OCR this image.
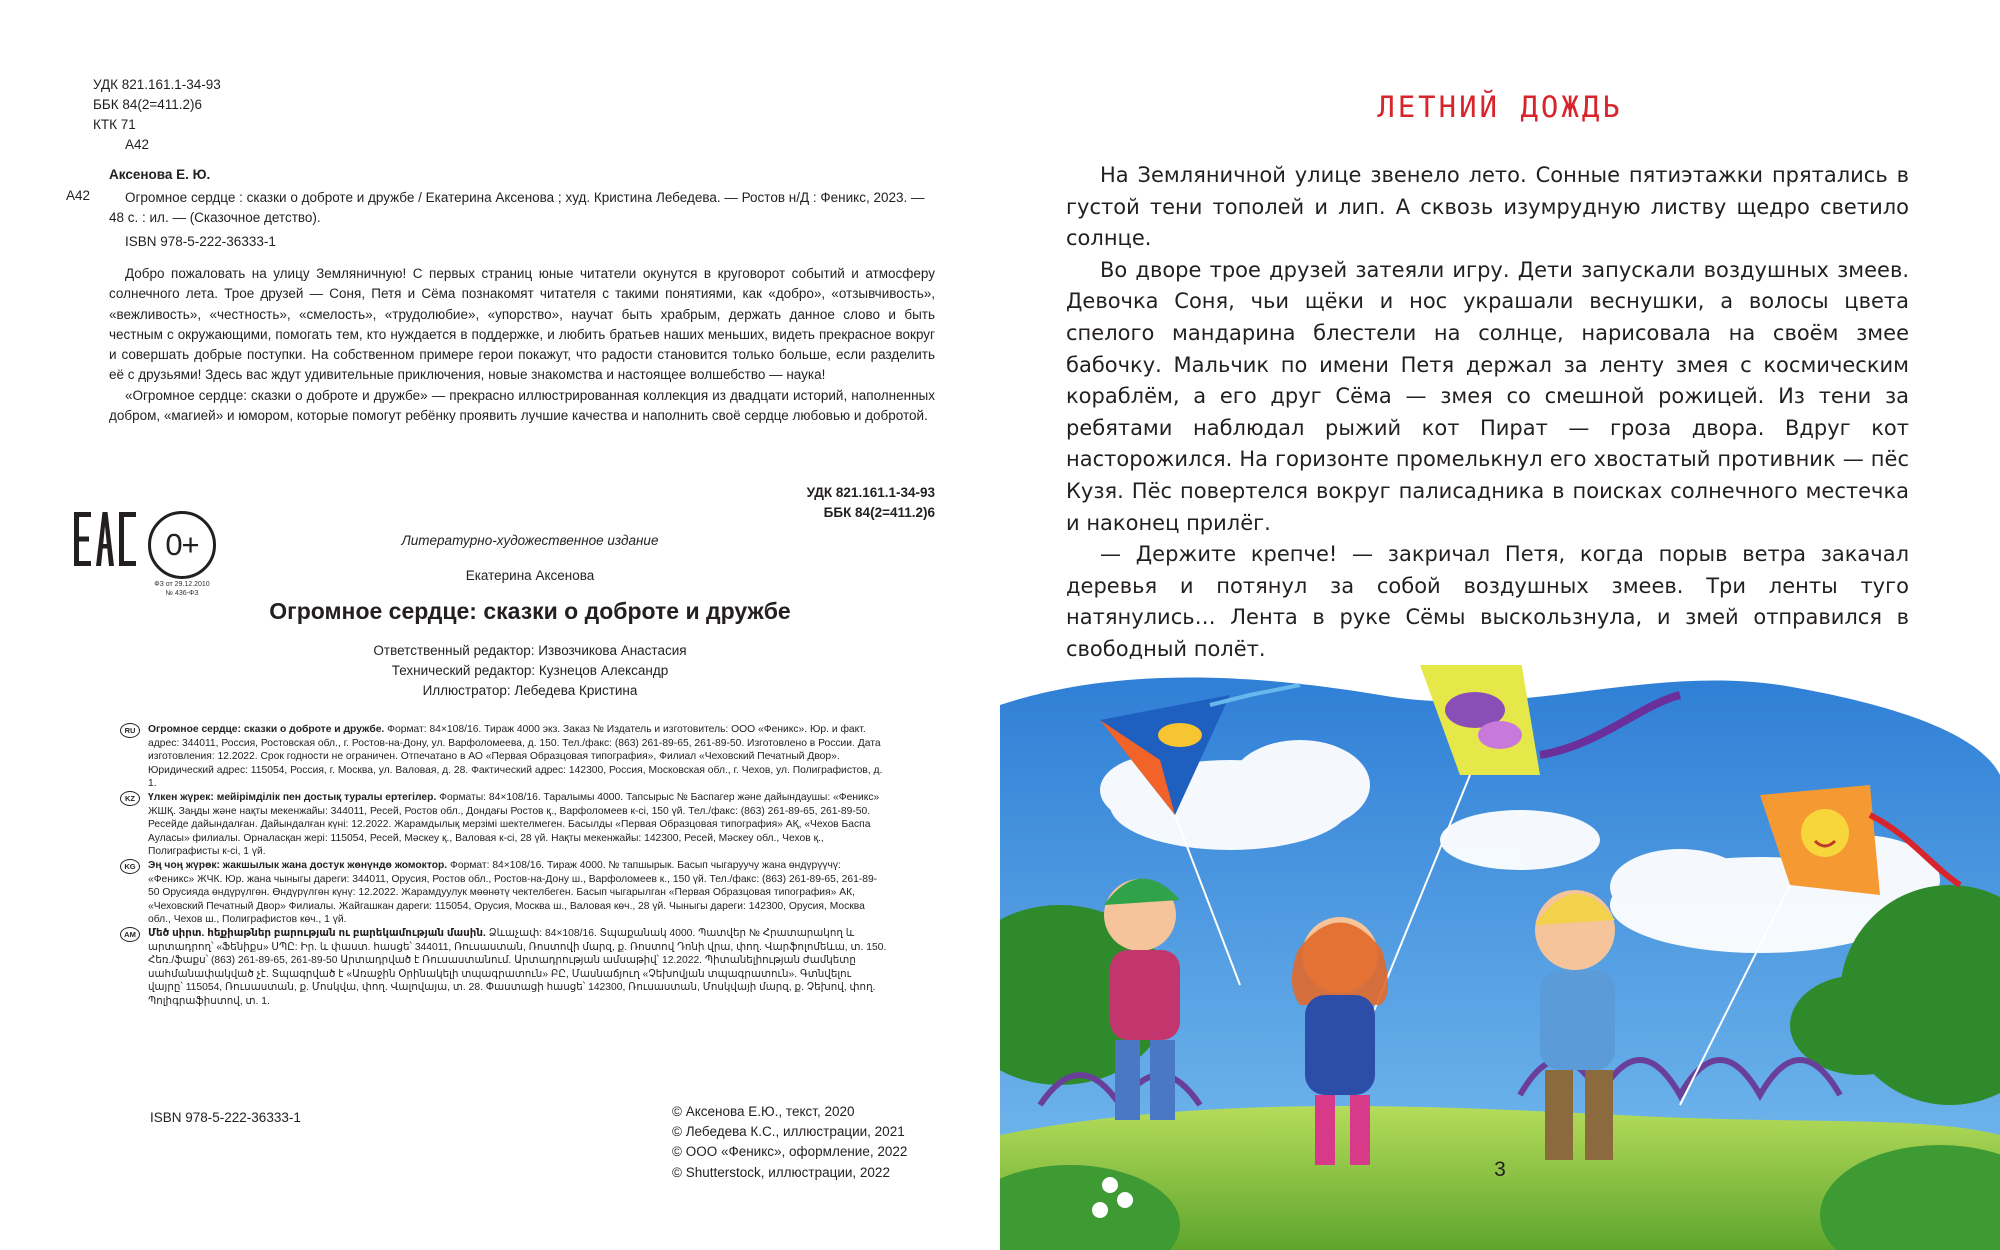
УДК 821.161.1-34-93
ББК 84(2=411.2)6
КТК 71
А42
Аксенова Е. Ю.
А42	Огромное сердце : сказки о доброте и дружбе / Екатерина Аксенова ; худ. Кристина Лебедева. — Ростов н/Д : Феникс, 2023. — 48 с. : ил. — (Сказочное детство).
ISBN 978-5-222-36333-1

Добро пожаловать на улицу Земляничную! С первых страниц юные читатели окунутся в круговорот событий и атмосферу солнечного лета. Трое друзей — Соня, Петя и Сёма познакомят читателя с такими понятиями, как «добро», «отзывчивость», «вежливость», «честность», «смелость», «трудолюбие», «упорство», научат быть храбрым, держать данное слово и быть честным с окружающими, помогать тем, кто нуждается в поддержке, и любить братьев наших меньших, видеть прекрасное вокруг и совершать добрые поступки. На собственном примере герои покажут, что радости становится только больше, если разделить её с друзьями! Здесь вас ждут удивительные приключения, новые знакомства и настоящее волшебство — наука!

«Огромное сердце: сказки о доброте и дружбе» — прекрасно иллюстрированная коллекция из двадцати историй, наполненных добром, «магией» и юмором, которые помогут ребёнку проявить лучшие качества и наполнить своё сердце любовью и добротой.

УДК 821.161.1-34-93
ББК 84(2=411.2)6
0+
ФЗ от 29.12.2010
№ 436-ФЗ
Литературно-художественное издание
Екатерина Аксенова
Огромное сердце: сказки о доброте и дружбе
Ответственный редактор: Извозчикова Анастасия
Технический редактор: Кузнецов Александр
Иллюстратор: Лебедева Кристина
RU	Огромное сердце: сказки о доброте и дружбе. Формат: 84×108/16. Тираж 4000 экз. Заказ № Издатель и изготовитель: ООО «Феникс». Юр. и факт. адрес: 344011, Россия, Ростовская обл., г. Ростов-на-Дону, ул. Варфоломеева, д. 150. Тел./факс: (863) 261-89-65, 261-89-50. Изготовлено в России. Дата изготовления: 12.2022. Срок годности не ограничен. Отпечатано в АО «Первая Образцовая типография», Филиал «Чеховский Печатный Двор». Юридический адрес: 115054, Россия, г. Москва, ул. Валовая, д. 28. Фактический адрес: 142300, Россия, Московская обл., г. Чехов, ул. Полиграфистов, д. 1.
KZ	Үлкен жүрек: мейірімділік пен достық туралы ертегілер. Форматы: 84×108/16. Таралымы 4000. Тапсырыс № Баспагер және дайындаушы: «Феникс» ЖШҚ. Заңды және нақты мекенжайы: 344011, Ресей, Ростов обл., Дондағы Ростов қ., Варфоломеев к-сі, 150 үй. Тел./факс: (863) 261-89-65, 261-89-50. Ресейде дайындалған. Дайындалған күні: 12.2022. Жарамдылық мерзімі шектелмеген. Басылды «Первая Образцовая типография» АҚ, «Чехов Баспа Ауласы» филиалы. Орналасқан жері: 115054, Ресей, Мәскеу қ., Валовая к-сі, 28 үй. Нақты мекенжайы: 142300, Ресей, Мәскеу обл., Чехов қ., Полиграфисты к-сі, 1 үй.
KG	Эң чоң жүрөк: жакшылык жана достук жөнүндө жомоктор. Формат: 84×108/16. Тираж 4000. № тапшырык. Басып чыгаруучу жана өндүрүүчү: «Феникс» ЖЧК. Юр. жана чыныгы дареги: 344011, Орусия, Ростов обл., Ростов-на-Дону ш., Варфоломеев к., 150 үй. Тел./факс: (863) 261-89-65, 261-89-50 Орусияда өндүрүлгөн. Өндүрүлгөн күнү: 12.2022. Жарамдуулук мөөнөтү чектелбеген. Басып чыгарылган «Первая Образцовая типография» АК, «Чеховский Печатный Двор» Филиалы. Жайгашкан дареги: 115054, Орусия, Москва ш., Валовая көч., 28 үй. Чыныгы дареги: 142300, Орусия, Москва обл., Чехов ш., Полиграфистов көч., 1 үй.
AM	Մեծ սիրտ. հեքիաթներ բարության ու բարեկամության մասին. Ձևաչափ: 84×108/16. Տպաքանակ 4000. Պատվեր № Հրատարակող և արտադրող՝ «Ֆենիքս» ՍՊԸ: Իր. և փաստ. հասցե՝ 344011, Ռուսաստան, Ռոստովի մարզ, ք. Ռոստով Դոնի վրա, փող. Վարֆոլոմեևա, տ. 150. Հեռ./ֆաքս՝ (863) 261-89-65, 261-89-50 Արտադրված է Ռուսաստանում. Արտադրության ամսաթիվ՝ 12.2022. Պիտանելիության ժամկետը սահմանափակված չէ. Տպագրված է «Առաջին Օրինակելի տպագրատուն» ԲԸ, Մասնաճյուղ «Չեխովյան տպագրատուն». Գտնվելու վայրը՝ 115054, Ռուսաստան, ք. Մոսկվա, փող. Վալովայա, տ. 28. Փաստացի հասցե՝ 142300, Ռուսաստան, Մոսկվայի մարզ, ք. Չեխով, փող. Պոլիգրաֆիստով, տ. 1.
ISBN 978-5-222-36333-1	© Аксенова Е.Ю., текст, 2020
© Лебедева К.С., иллюстрации, 2021
© ООО «Феникс», оформление, 2022
© Shutterstock, иллюстрации, 2022
ЛЕТНИЙ ДОЖДЬ

На Земляничной улице звенело лето. Сонные пятиэтажки прятались в густой тени тополей и лип. А сквозь изумрудную листву щедро светило солнце.

Во дворе трое друзей затеяли игру. Дети запускали воздушных змеев. Девочка Соня, чьи щёки и нос украшали веснушки, а волосы цвета спелого мандарина блестели на солнце, нарисовала на своём змее бабочку. Мальчик по имени Петя держал за ленту змея с космическим кораблём, а его друг Сёма — змея со смешной рожицей. Из тени за ребятами наблюдал рыжий кот Пират — гроза двора. Вдруг кот насторожился. На горизонте промелькнул его хвостатый противник — пёс Кузя. Пёс повертелся вокруг палисадника в поисках солнечного местечка и наконец прилёг.

— Держите крепче! — закричал Петя, когда порыв ветра закачал деревья и потянул за собой воздушных змеев. Три ленты туго натянулись… Лента в руке Сёмы выскользнула, и змей отправился в свободный полёт.

3
